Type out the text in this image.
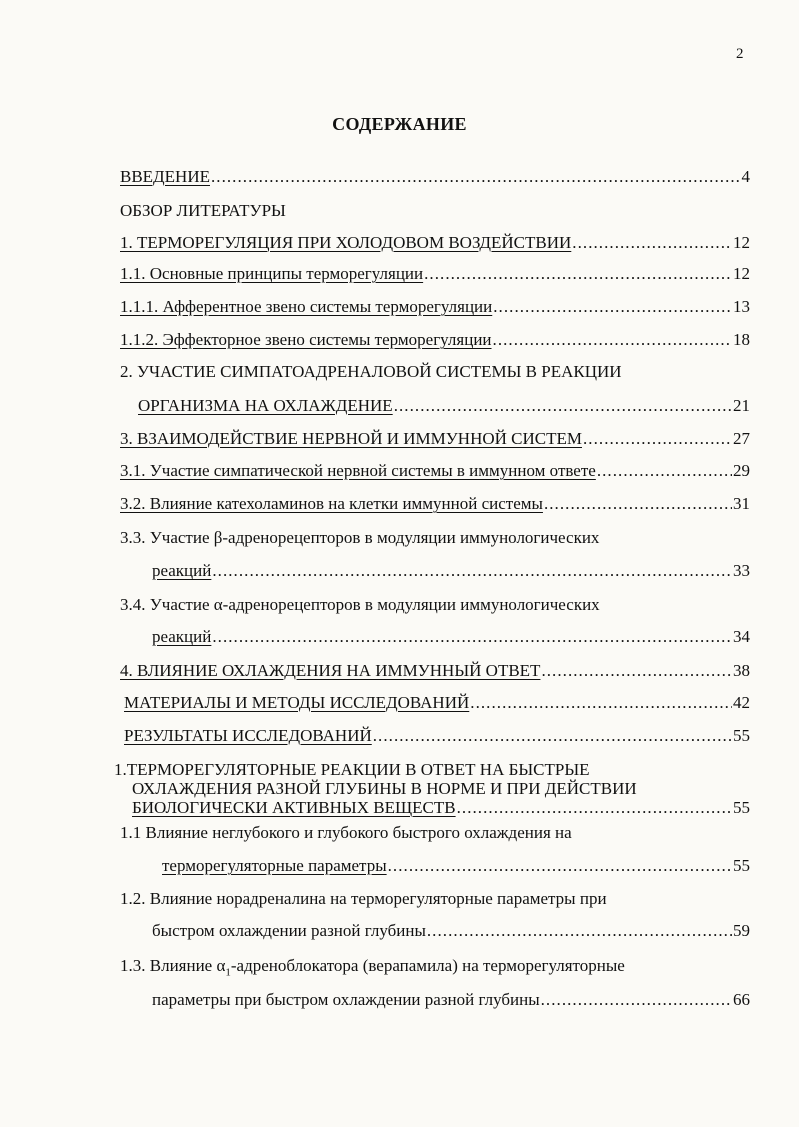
2
СОДЕРЖАНИЕ
ВВЕДЕНИЕ . . .	4
ОБЗОР ЛИТЕРАТУРЫ
1. ТЕРМОРЕГУЛЯЦИЯ ПРИ ХОЛОДОВОМ ВОЗДЕЙСТВИИ . . .	12
1.1. Основные принципы терморегуляции . . .	12
1.1.1. Афферентное звено системы терморегуляции . . .	13
1.1.2. Эффекторное звено системы терморегуляции . . .	18
2. УЧАСТИЕ СИМПАТОАДРЕНАЛОВОЙ СИСТЕМЫ В РЕАКЦИИ
ОРГАНИЗМА НА ОХЛАЖДЕНИЕ . . .	21
3. ВЗАИМОДЕЙСТВИЕ НЕРВНОЙ И ИММУННОЙ СИСТЕМ . . .	27
3.1. Участие симпатической нервной системы в иммунном ответе . . .	29
3.2. Влияние катехоламинов на клетки иммунной системы . . .	31
3.3. Участие β-адренорецепторов в модуляции иммунологических
реакций . . .	33
3.4. Участие α-адренорецепторов в модуляции иммунологических
реакций . . .	34
4. ВЛИЯНИЕ ОХЛАЖДЕНИЯ НА ИММУННЫЙ ОТВЕТ . . .	38
МАТЕРИАЛЫ И МЕТОДЫ ИССЛЕДОВАНИЙ . . .	42
РЕЗУЛЬТАТЫ ИССЛЕДОВАНИЙ . . .	55
1.ТЕРМОРЕГУЛЯТОРНЫЕ РЕАКЦИИ В ОТВЕТ НА БЫСТРЫЕ
ОХЛАЖДЕНИЯ РАЗНОЙ ГЛУБИНЫ В НОРМЕ И ПРИ ДЕЙСТВИИ
БИОЛОГИЧЕСКИ АКТИВНЫХ ВЕЩЕСТВ . . .	55
1.1 Влияние неглубокого и глубокого быстрого охлаждения на
терморегуляторные параметры . . .	55
1.2. Влияние норадреналина на терморегуляторные параметры при
быстром охлаждении разной глубины . . .	59
1.3. Влияние $\alpha_1$-адреноблокатора (верапамила) на терморегуляторные
параметры при быстром охлаждении разной глубины . . .	66
